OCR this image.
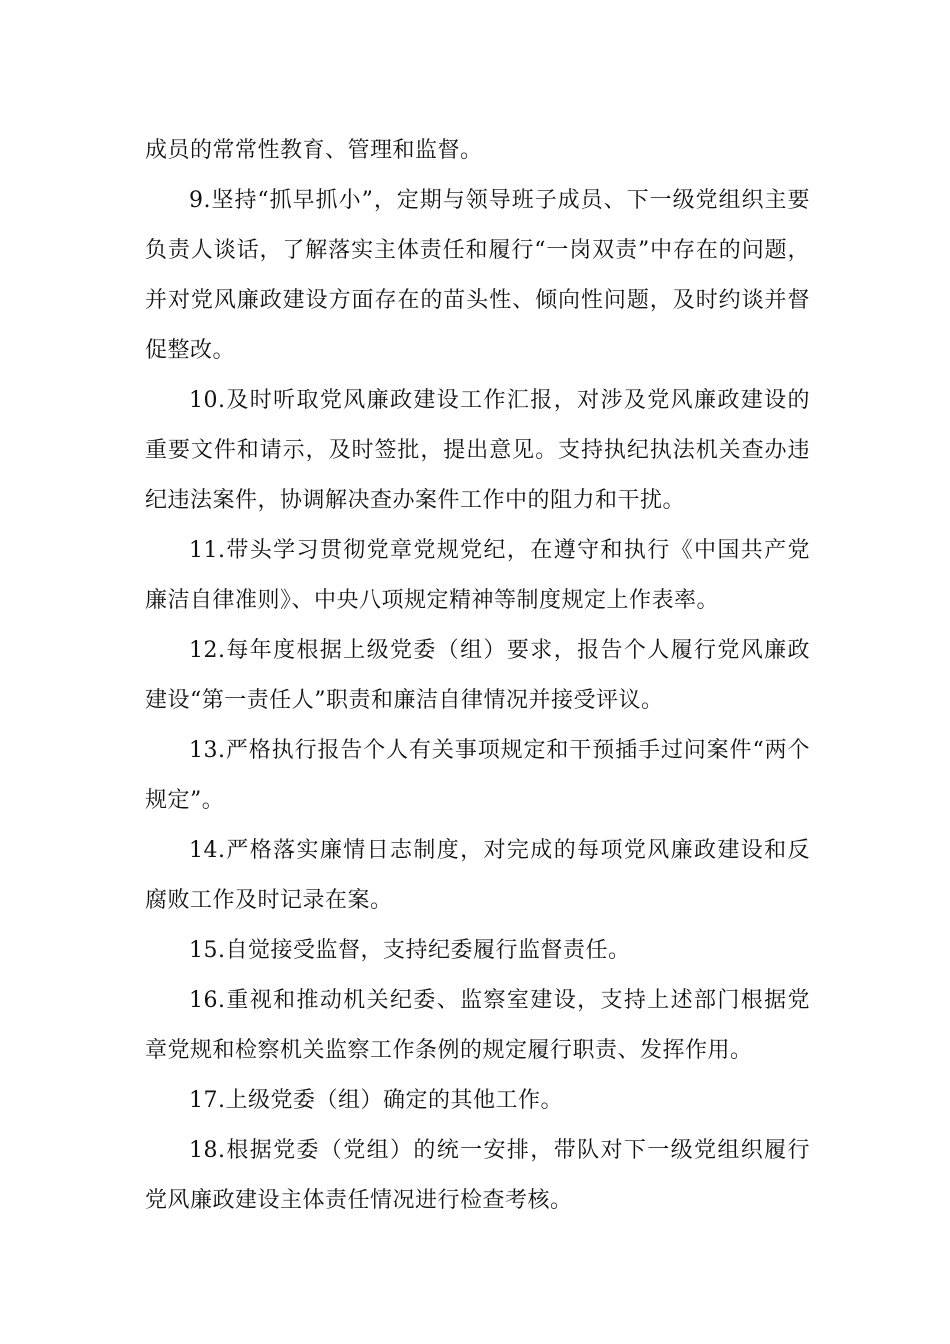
成员的常常性教育、管理和监督。

9.坚持“抓早抓小”，定期与领导班子成员、下一级党组织主要负责人谈话，了解落实主体责任和履行“一岗双责”中存在的问题，并对党风廉政建设方面存在的苗头性、倾向性问题，及时约谈并督促整改。

10.及时听取党风廉政建设工作汇报，对涉及党风廉政建设的重要文件和请示，及时签批，提出意见。支持执纪执法机关查办违纪违法案件，协调解决查办案件工作中的阻力和干扰。

11.带头学习贯彻党章党规党纪，在遵守和执行《中国共产党廉洁自律准则》、中央八项规定精神等制度规定上作表率。

12.每年度根据上级党委（组）要求，报告个人履行党风廉政建设“第一责任人”职责和廉洁自律情况并接受评议。

13.严格执行报告个人有关事项规定和干预插手过问案件“两个规定”。

14.严格落实廉情日志制度，对完成的每项党风廉政建设和反腐败工作及时记录在案。

15.自觉接受监督，支持纪委履行监督责任。

16.重视和推动机关纪委、监察室建设，支持上述部门根据党章党规和检察机关监察工作条例的规定履行职责、发挥作用。

17.上级党委（组）确定的其他工作。

18.根据党委（党组）的统一安排，带队对下一级党组织履行党风廉政建设主体责任情况进行检查考核。
